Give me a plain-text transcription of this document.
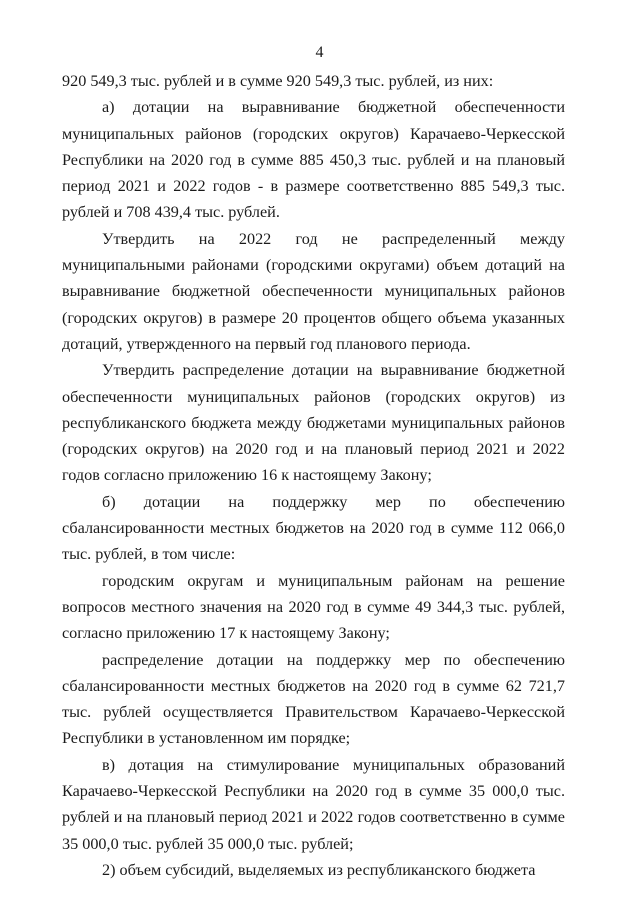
4

920 549,3 тыс. рублей и в сумме 920 549,3 тыс. рублей, из них:

а) дотации на выравнивание бюджетной обеспеченности муниципальных районов (городских округов) Карачаево-Черкесской Республики на 2020 год в сумме 885 450,3 тыс. рублей и на плановый период 2021 и 2022 годов - в размере соответственно 885 549,3 тыс. рублей и 708 439,4 тыс. рублей.

Утвердить на 2022 год не распределенный между муниципальными районами (городскими округами) объем дотаций на выравнивание бюджетной обеспеченности муниципальных районов (городских округов) в размере 20 процентов общего объема указанных дотаций, утвержденного на первый год планового периода.

Утвердить распределение дотации на выравнивание бюджетной обеспеченности муниципальных районов (городских округов) из республиканского бюджета между бюджетами муниципальных районов (городских округов) на 2020 год и на плановый период 2021 и 2022 годов согласно приложению 16 к настоящему Закону;

б) дотации на поддержку мер по обеспечению сбалансированности местных бюджетов на 2020 год в сумме 112 066,0 тыс. рублей, в том числе:

городским округам и муниципальным районам на решение вопросов местного значения на 2020 год в сумме 49 344,3 тыс. рублей, согласно приложению 17 к настоящему Закону;

распределение дотации на поддержку мер по обеспечению сбалансированности местных бюджетов на 2020 год в сумме 62 721,7 тыс. рублей осуществляется Правительством Карачаево-Черкесской Республики в установленном им порядке;

в) дотация на стимулирование муниципальных образований Карачаево-Черкесской Республики на 2020 год в сумме 35 000,0 тыс. рублей и на плановый период 2021 и 2022 годов соответственно в сумме 35 000,0 тыс. рублей 35 000,0 тыс. рублей;

2) объем субсидий, выделяемых из республиканского бюджета
